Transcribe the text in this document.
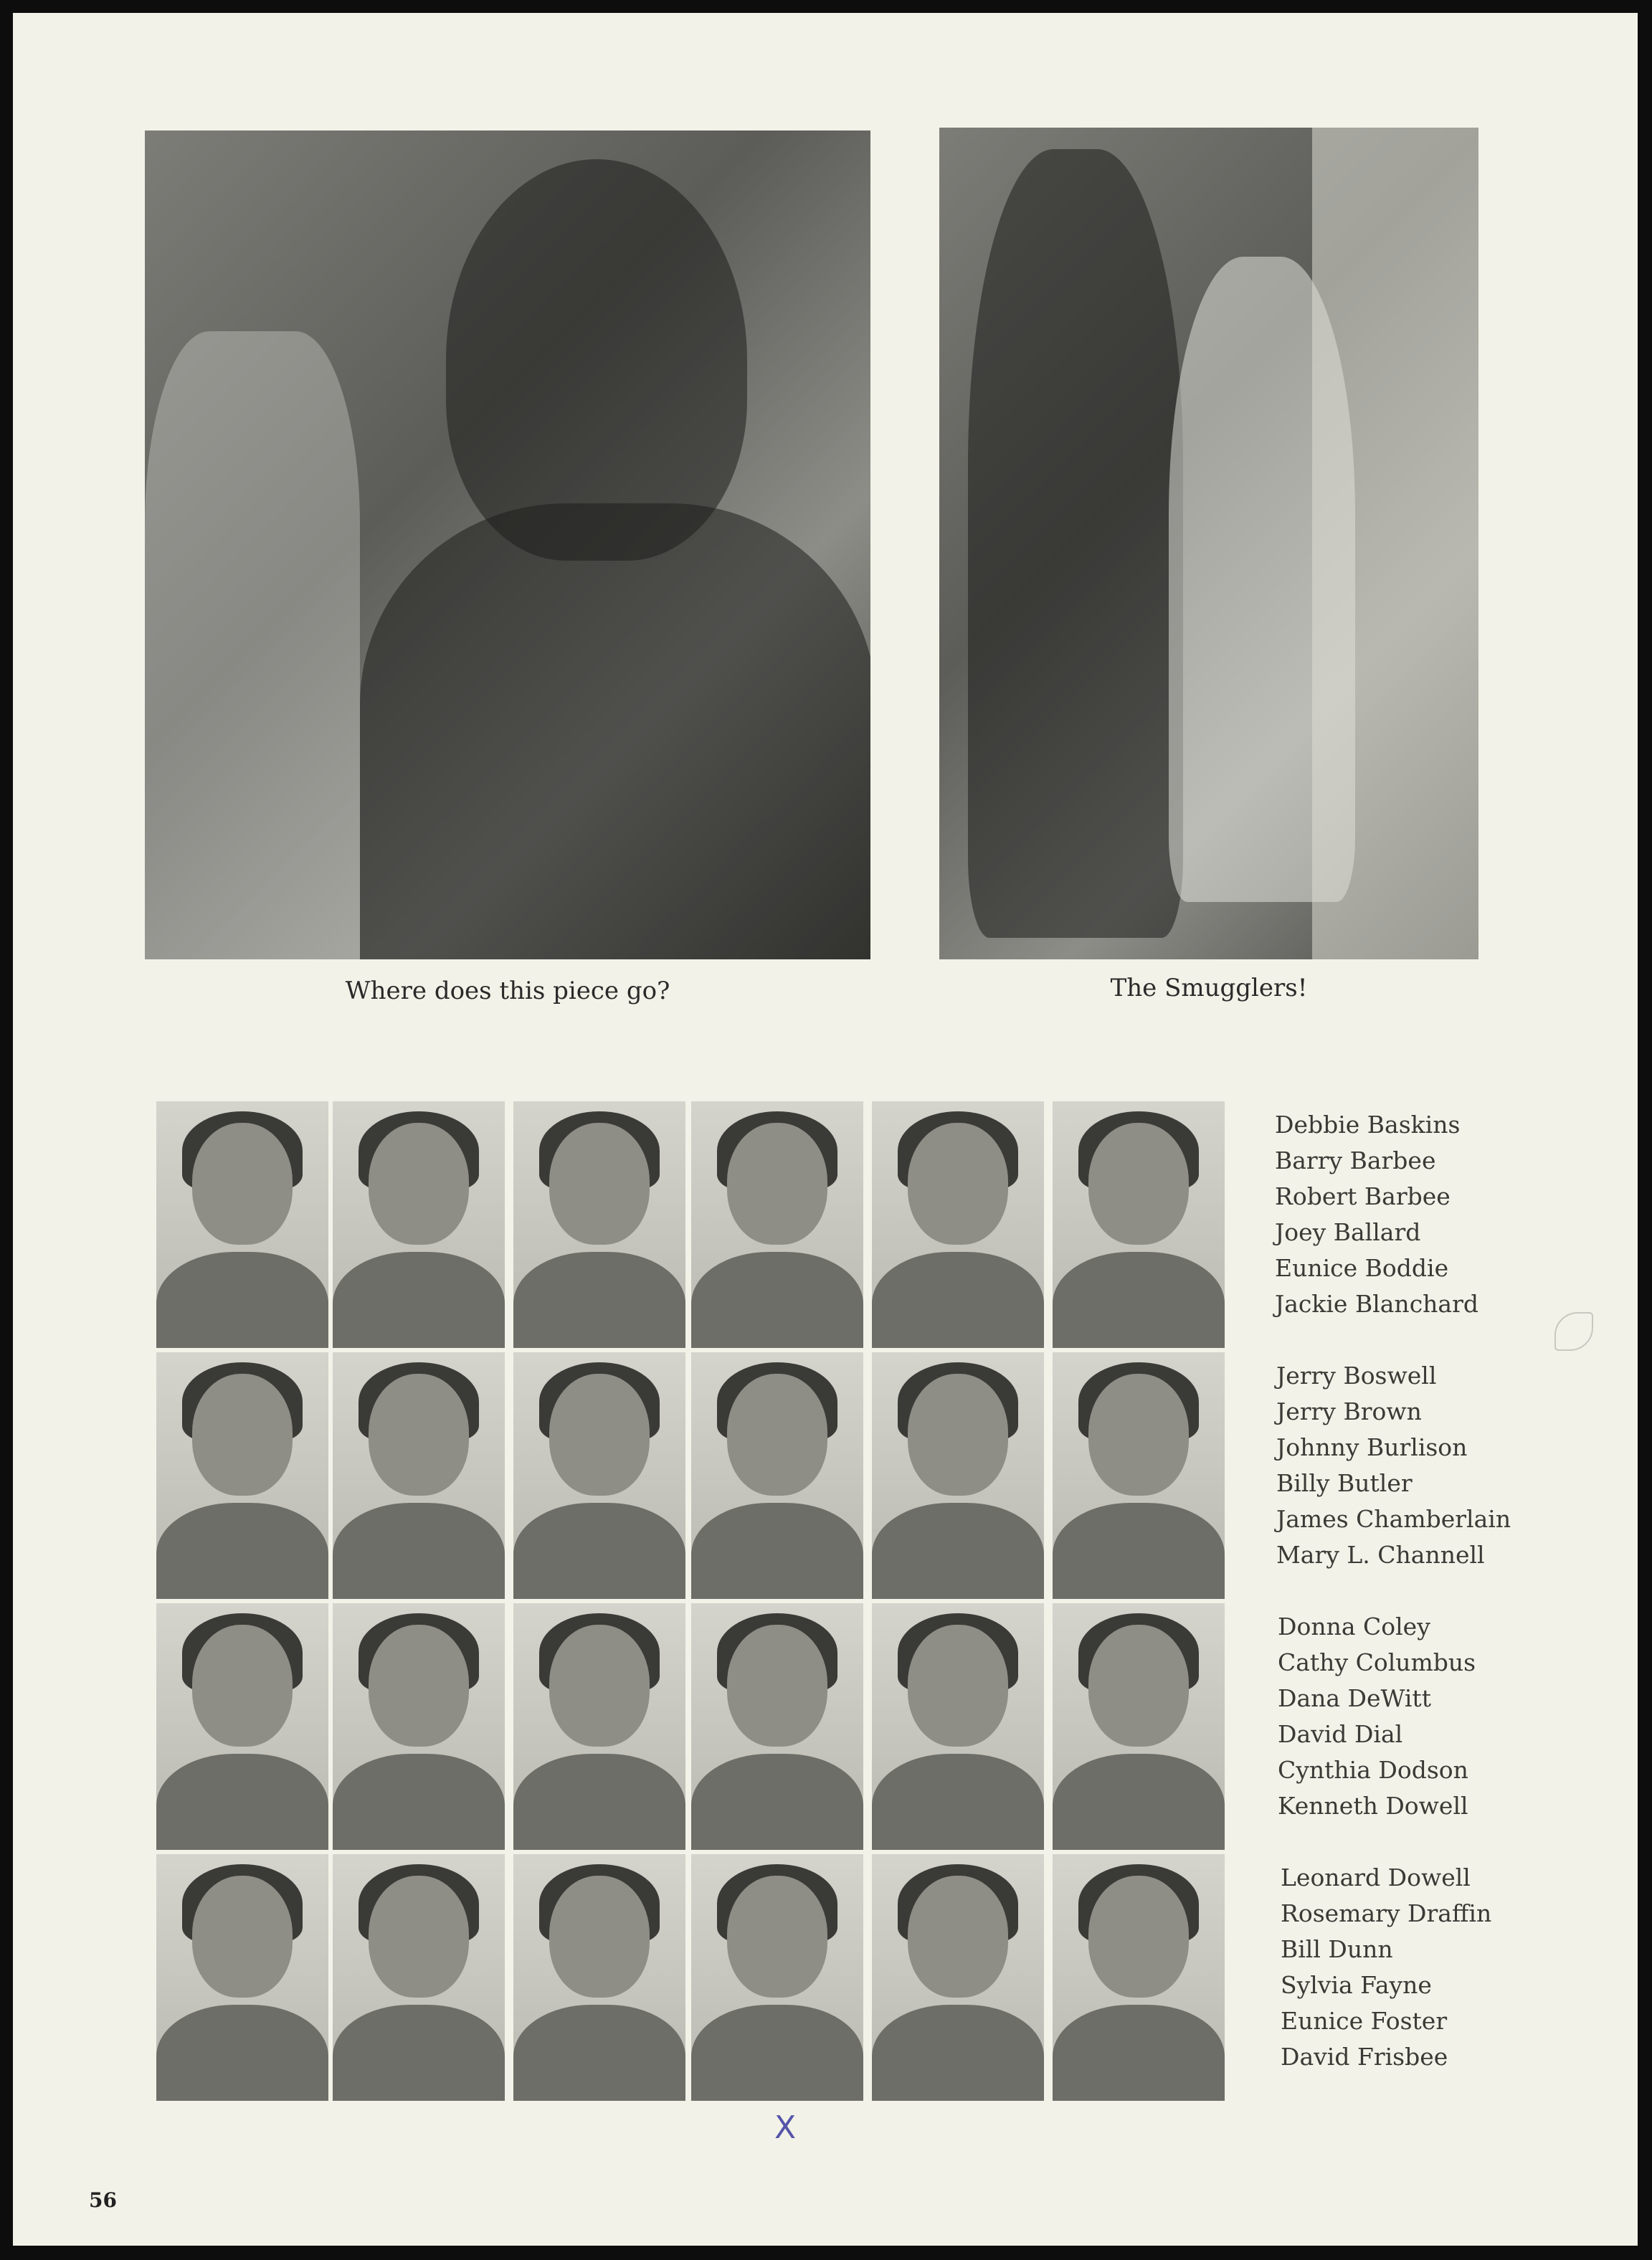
Where does this piece go?	The Smugglers!
Debbie Baskins
Barry Barbee
Robert Barbee
Joey Ballard
Eunice Boddie
Jackie Blanchard
Jerry Boswell
Jerry Brown
Johnny Burlison
Billy Butler
James Chamberlain
Mary L. Channell
Donna Coley
Cathy Columbus
Dana DeWitt
David Dial
Cynthia Dodson
Kenneth Dowell
Leonard Dowell
Rosemary Draffin
Bill Dunn
Sylvia Fayne
Eunice Foster
David Frisbee
X
56
